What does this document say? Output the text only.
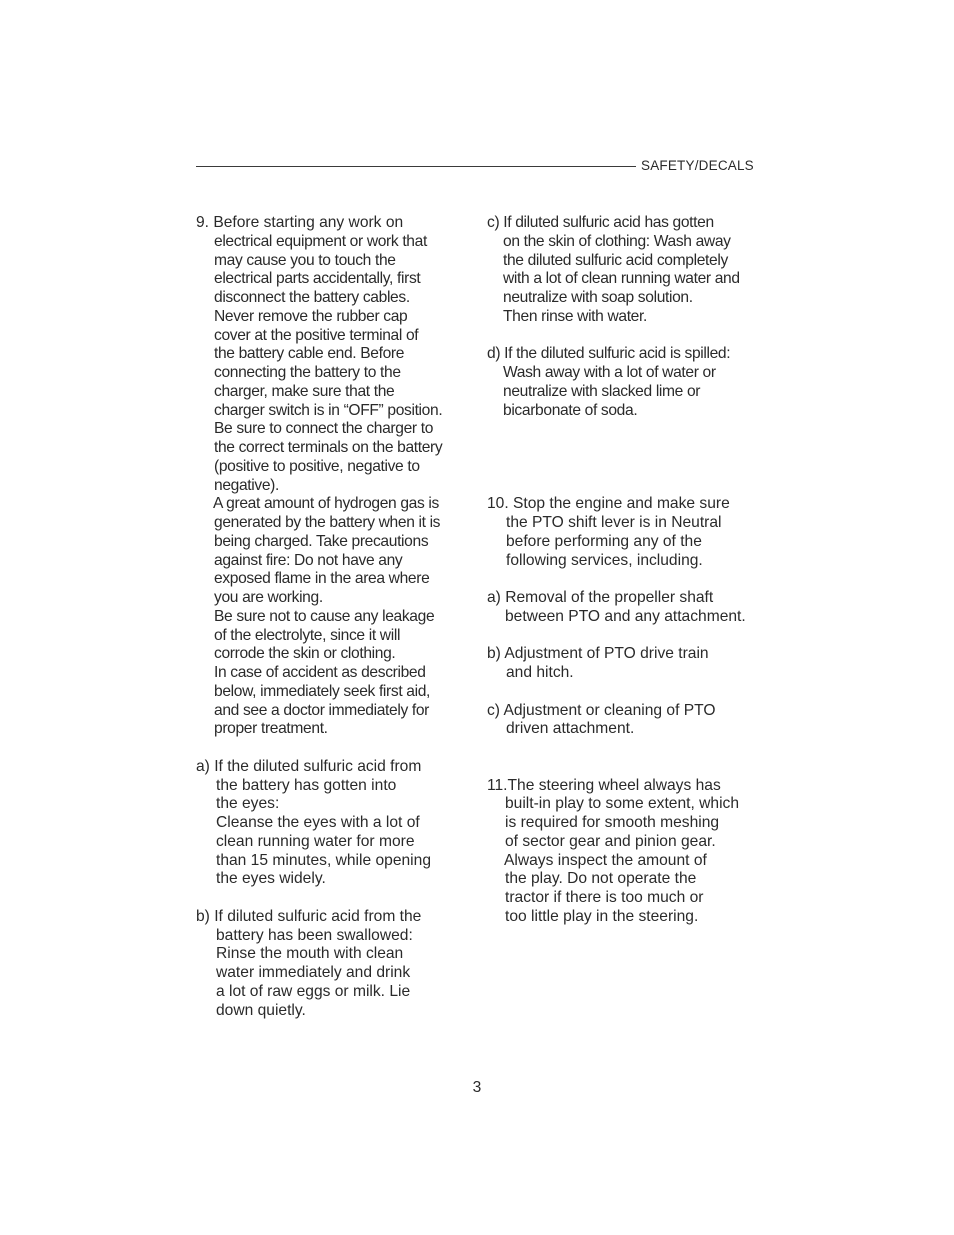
SAFETY/DECALS
9. Before starting any work on
electrical equipment or work that
may cause you to touch the
electrical parts accidentally, first
disconnect the battery cables.
Never remove the rubber cap
cover at the positive terminal of
the battery cable end. Before
connecting the battery to the
charger, make sure that the
charger switch is in “OFF” position.
Be sure to connect the charger to
the correct terminals on the battery
(positive to positive, negative to
negative).
A great amount of hydrogen gas is
generated by the battery when it is
being charged. Take precautions
against fire: Do not have any
exposed flame in the area where
you are working.
Be sure not to cause any leakage
of the electrolyte, since it will
corrode the skin or clothing.
In case of accident as described
below, immediately seek first aid,
and see a doctor immediately for
proper treatment.
a) If the diluted sulfuric acid from
the battery has gotten into
the eyes:
Cleanse the eyes with a lot of
clean running water for more
than 15 minutes, while opening
the eyes widely.
b) If diluted sulfuric acid from the
battery has been swallowed:
Rinse the mouth with clean
water immediately and drink
a lot of raw eggs or milk. Lie
down quietly.
c) If diluted sulfuric acid has gotten
on the skin of clothing: Wash away
the diluted sulfuric acid completely
with a lot of clean running water and
neutralize with soap solution.
Then rinse with water.
d) If the diluted sulfuric acid is spilled:
Wash away with a lot of water or
neutralize with slacked lime or
bicarbonate of soda.
10. Stop the engine and make sure
the PTO shift lever is in Neutral
before performing any of the
following services, including.
a) Removal of the propeller shaft
between PTO and any attachment.
b) Adjustment of PTO drive train
and hitch.
c) Adjustment or cleaning of PTO
driven attachment.
11.The steering wheel always has
built-in play to some extent, which
is required for smooth meshing
of sector gear and pinion gear.
Always inspect the amount of
the play. Do not operate the
tractor if there is too much or
too little play in the steering.
3
